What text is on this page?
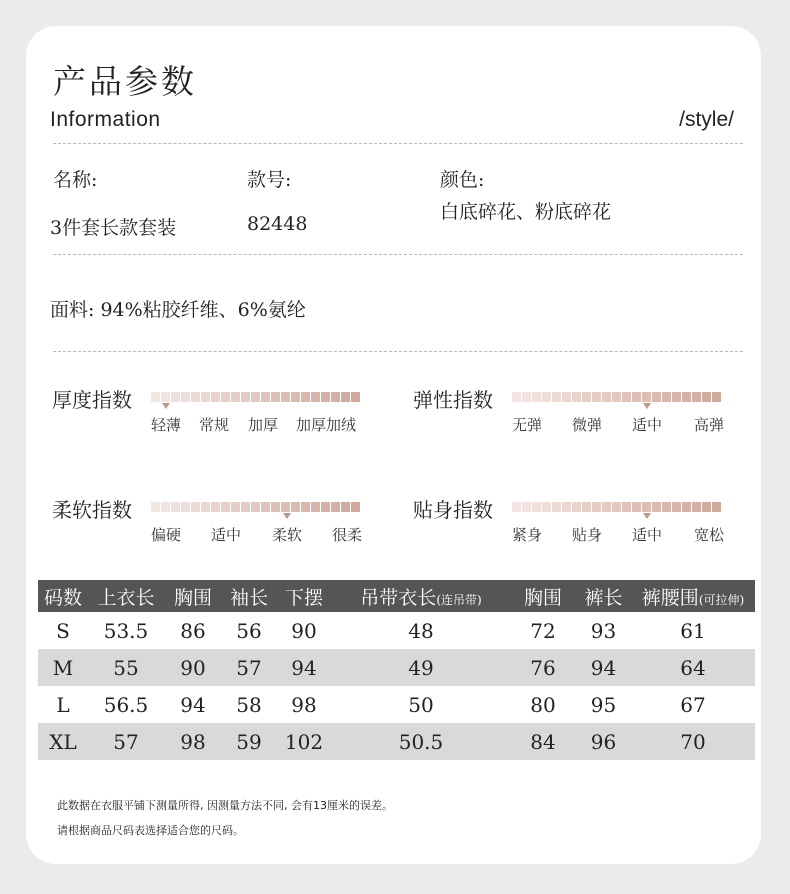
产品参数
Information	/style/
名称:
3件套长款套装
款号:
82448
颜色:
白底碎花、粉底碎花
面料: 94%粘胶纤维、6%氨纶
厚度指数
轻薄 常规 加厚 加厚加绒
弹性指数
无弹 微弹 适中 高弹
柔软指数
偏硬 适中 柔软 很柔
贴身指数
紧身 贴身 适中 宽松
码数	上衣长	胸围	袖长	下摆	吊带衣长(连吊带)	胸围	裤长	裤腰围(可拉伸)
S	53.5	86	56	90	48	72	93	61
M	55	90	57	94	49	76	94	64
L	56.5	94	58	98	50	80	95	67
XL	57	98	59	102	50.5	84	96	70
此数据在衣服平铺下测量所得, 因测量方法不同, 会有13厘米的误差。
请根据商品尺码表选择适合您的尺码。
